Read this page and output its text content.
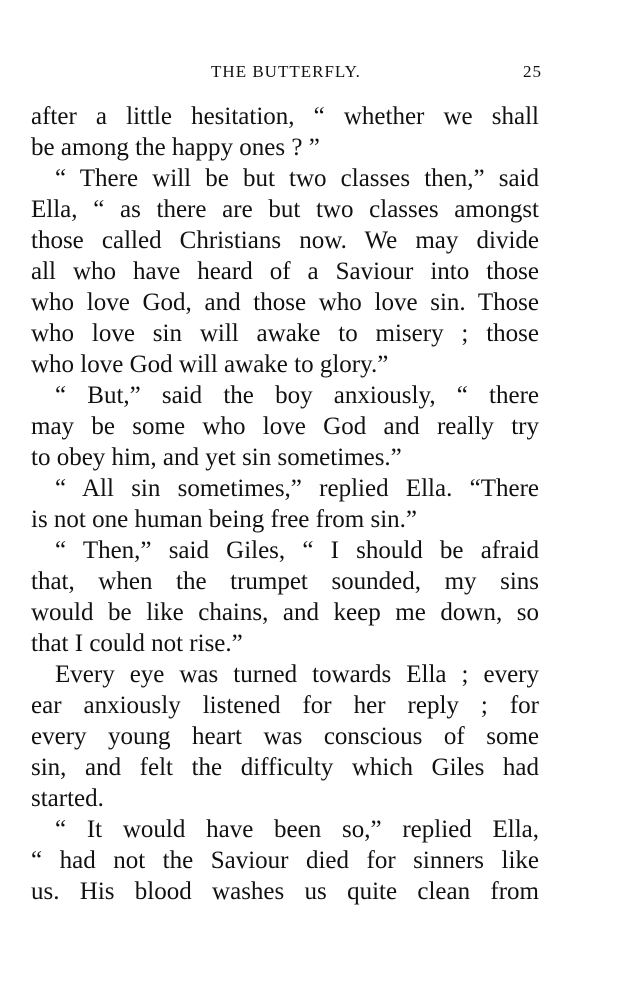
THE BUTTERFLY.	25
after a little hesitation, “ whether we shall
be among the happy ones ? ”
“ There will be but two classes then,” said
Ella, “ as there are but two classes amongst
those called Christians now. We may divide
all who have heard of a Saviour into those
who love God, and those who love sin. Those
who love sin will awake to misery ; those
who love God will awake to glory.”
“ But,” said the boy anxiously, “ there
may be some who love God and really try
to obey him, and yet sin sometimes.”
“ All sin sometimes,” replied Ella. “There
is not one human being free from sin.”
“ Then,” said Giles, “ I should be afraid
that, when the trumpet sounded, my sins
would be like chains, and keep me down, so
that I could not rise.”
Every eye was turned towards Ella ; every
ear anxiously listened for her reply ; for
every young heart was conscious of some
sin, and felt the difficulty which Giles had
started.
“ It would have been so,” replied Ella,
“ had not the Saviour died for sinners like
us. His blood washes us quite clean from
